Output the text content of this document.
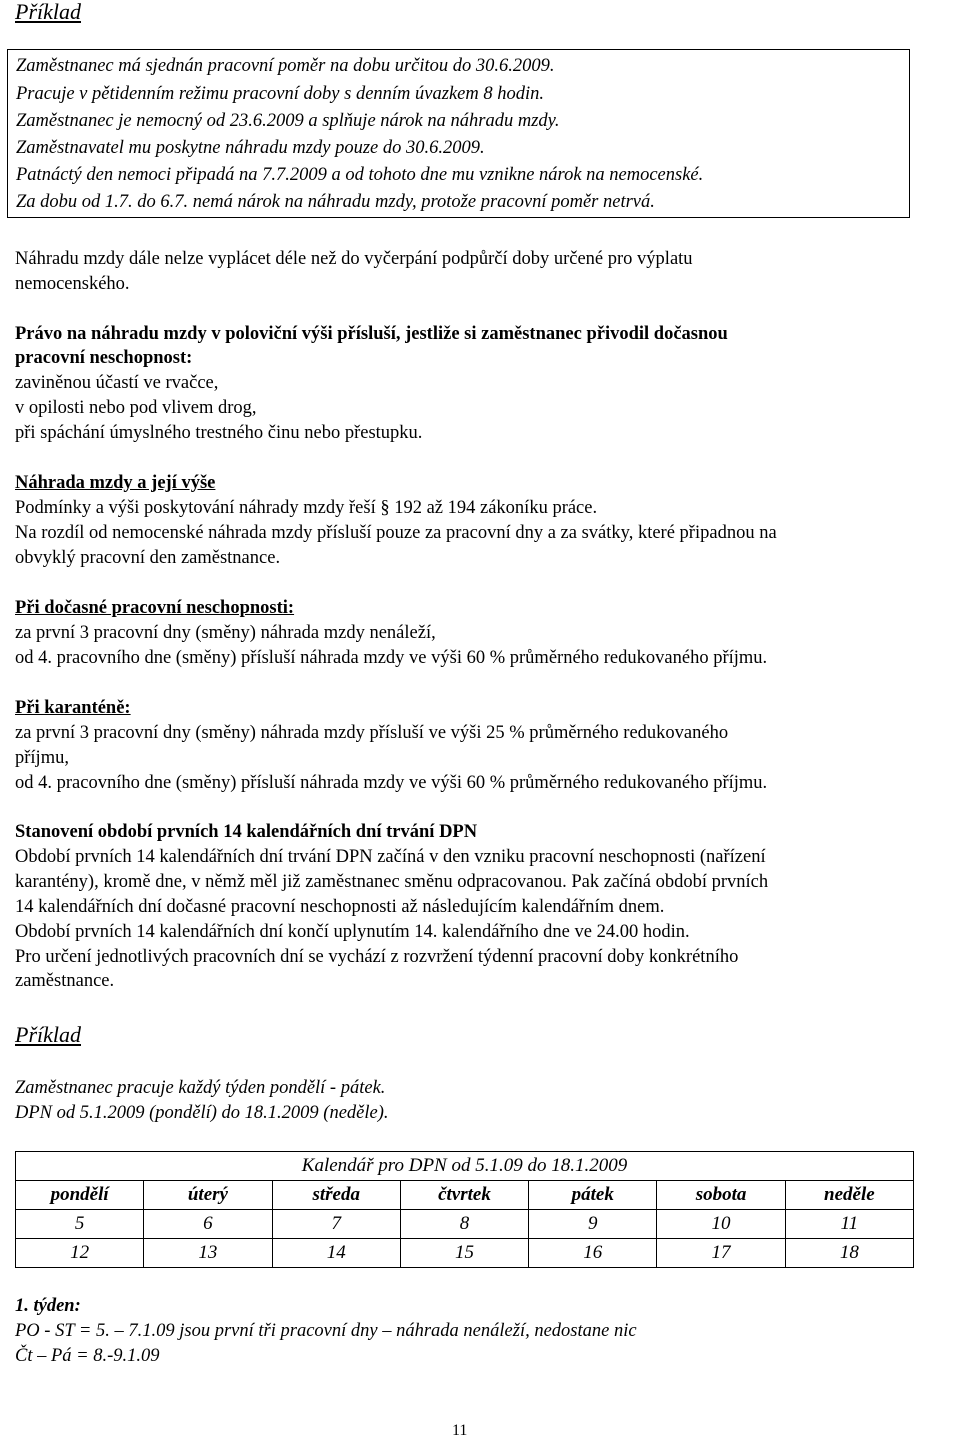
Příklad
Zaměstnanec má sjednán pracovní poměr na dobu určitou do 30.6.2009.
Pracuje v pětidenním režimu pracovní doby s denním úvazkem 8 hodin.
Zaměstnanec je nemocný od 23.6.2009 a splňuje nárok na náhradu mzdy.
Zaměstnavatel mu poskytne náhradu mzdy pouze do 30.6.2009.
Patnáctý den nemoci připadá na 7.7.2009 a od tohoto dne mu vznikne nárok na nemocenské.
Za dobu od 1.7. do 6.7. nemá nárok na náhradu mzdy, protože pracovní poměr netrvá.
Náhradu mzdy dále nelze vyplácet déle než do vyčerpání podpůrčí doby určené pro výplatu
nemocenského.
Právo na náhradu mzdy v poloviční výši přísluší, jestliže si zaměstnanec přivodil dočasnou
pracovní neschopnost:
zaviněnou účastí ve rvačce,
v opilosti nebo pod vlivem drog,
při spáchání úmyslného trestného činu nebo přestupku.
Náhrada mzdy a její výše
Podmínky a výši poskytování náhrady mzdy řeší § 192 až 194 zákoníku práce.
Na rozdíl od nemocenské náhrada mzdy přísluší pouze za pracovní dny a za svátky, které připadnou na
obvyklý pracovní den zaměstnance.
Při dočasné pracovní neschopnosti:
za první 3 pracovní dny (směny) náhrada mzdy nenáleží,
od 4. pracovního dne (směny) přísluší náhrada mzdy ve výši 60 % průměrného redukovaného příjmu.
Při karanténě:
za první 3 pracovní dny (směny) náhrada mzdy přísluší ve výši 25 % průměrného redukovaného
příjmu,
od 4. pracovního dne (směny) přísluší náhrada mzdy ve výši 60 % průměrného redukovaného příjmu.
Stanovení období prvních 14 kalendářních dní trvání DPN
Období prvních 14 kalendářních dní trvání DPN začíná v den vzniku pracovní neschopnosti (nařízení
karantény), kromě dne, v němž měl již zaměstnanec směnu odpracovanou. Pak začíná období prvních
14 kalendářních dní dočasné pracovní neschopnosti až následujícím kalendářním dnem.
Období prvních 14 kalendářních dní končí uplynutím 14. kalendářního dne ve 24.00 hodin.
Pro určení jednotlivých pracovních dní se vychází z rozvržení týdenní pracovní doby konkrétního
zaměstnance.
Příklad
Zaměstnanec pracuje každý týden pondělí - pátek.
DPN od 5.1.2009 (pondělí) do 18.1.2009 (neděle).
Kalendář pro DPN od 5.1.09 do 18.1.2009						
pondělí	úterý	středa	čtvrtek	pátek	sobota	neděle
5	6	7	8	9	10	11
12	13	14	15	16	17	18
1. týden:
PO - ST = 5. – 7.1.09 jsou první tři pracovní dny – náhrada nenáleží, nedostane nic
Čt – Pá = 8.-9.1.09
11
